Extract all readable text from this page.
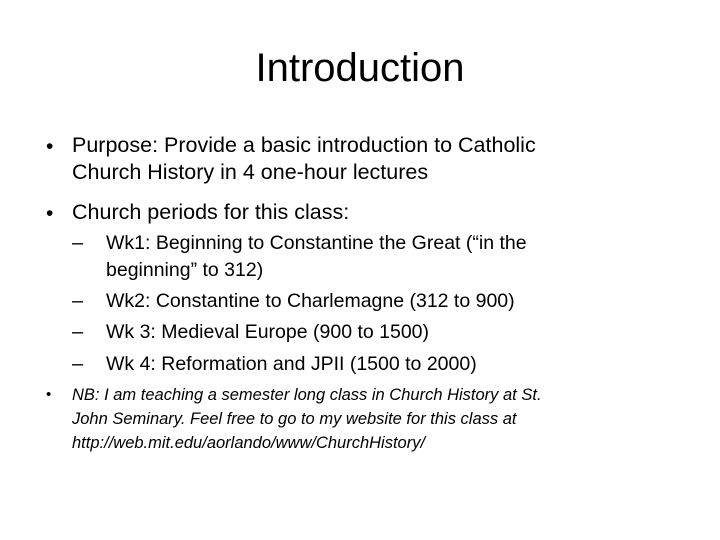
Introduction
• Purpose: Provide a basic introduction to Catholic
Church History in 4 one-hour lectures
• Church periods for this class:
– Wk1: Beginning to Constantine the Great (“in the
beginning” to 312)
– Wk2: Constantine to Charlemagne (312 to 900)
– Wk 3: Medieval Europe (900 to 1500)
– Wk 4: Reformation and JPII (1500 to 2000)
• NB: I am teaching a semester long class in Church History at St.
John Seminary. Feel free to go to my website for this class at
http://web.mit.edu/aorlando/www/ChurchHistory/
